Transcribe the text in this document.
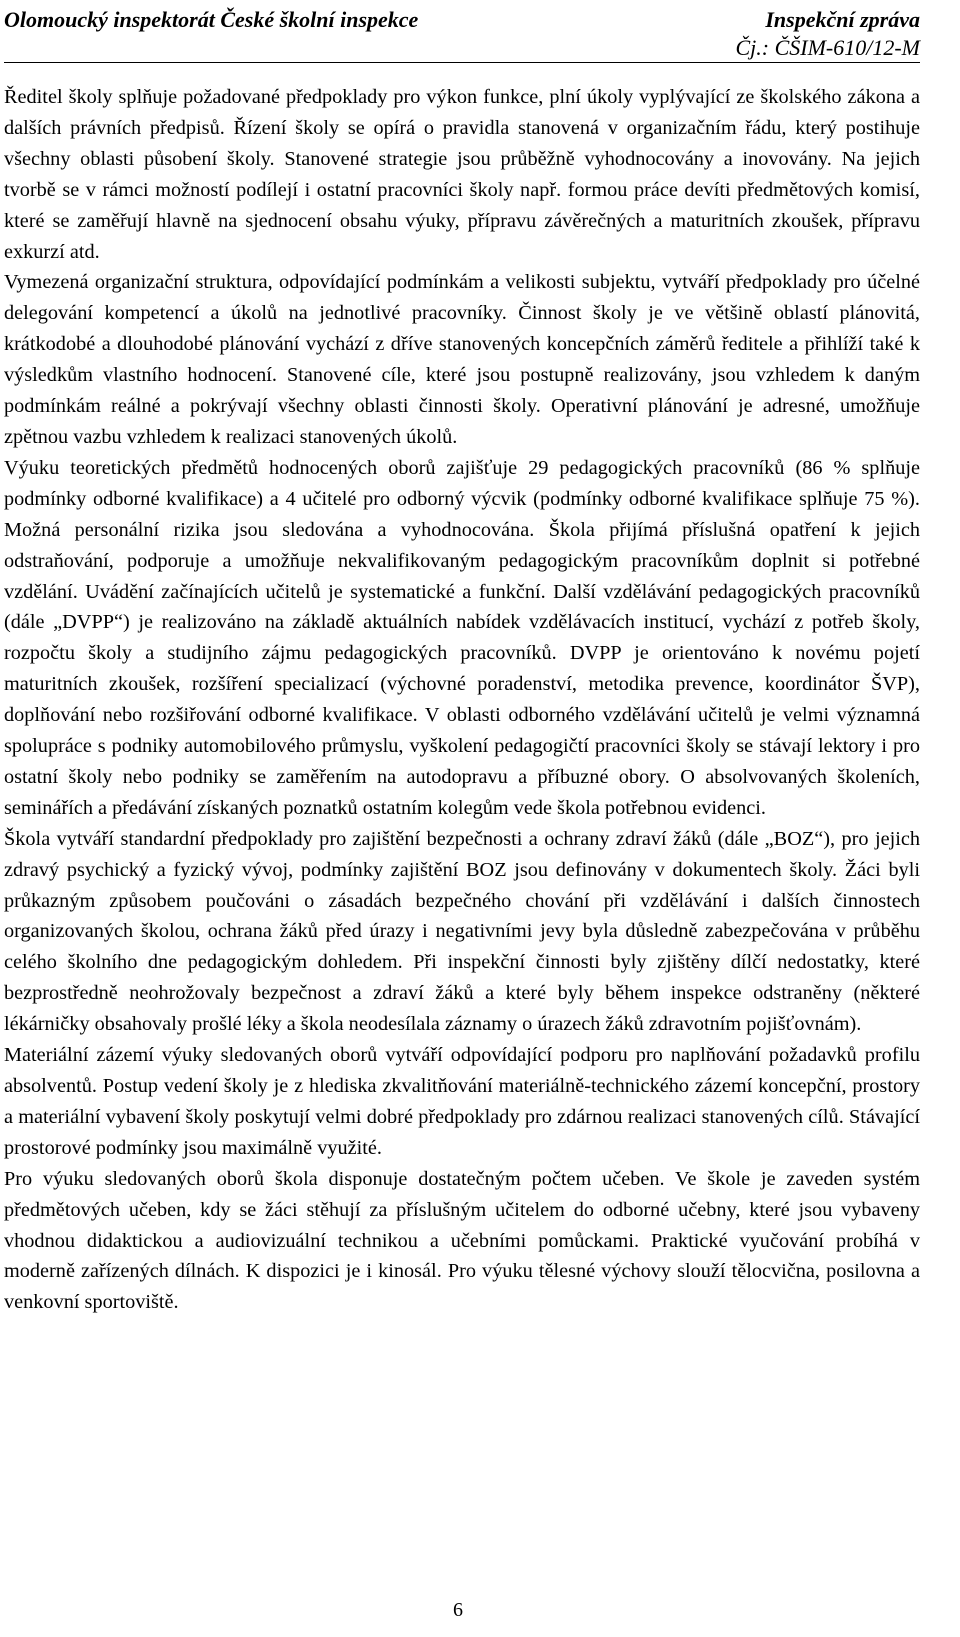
Olomoucký inspektorát České školní inspekce	Inspekční zpráva
Čj.: ČŠIM-610/12-M

Ředitel školy splňuje požadované předpoklady pro výkon funkce, plní úkoly vyplývající ze školského zákona a dalších právních předpisů. Řízení školy se opírá o pravidla stanovená v organizačním řádu, který postihuje všechny oblasti působení školy. Stanovené strategie jsou průběžně vyhodnocovány a inovovány. Na jejich tvorbě se v rámci možností podílejí i ostatní pracovníci školy např. formou práce devíti předmětových komisí, které se zaměřují hlavně na sjednocení obsahu výuky, přípravu závěrečných a maturitních zkoušek, přípravu exkurzí atd.

Vymezená organizační struktura, odpovídající podmínkám a velikosti subjektu, vytváří předpoklady pro účelné delegování kompetencí a úkolů na jednotlivé pracovníky. Činnost školy je ve většině oblastí plánovitá, krátkodobé a dlouhodobé plánování vychází z dříve stanovených koncepčních záměrů ředitele a přihlíží také k výsledkům vlastního hodnocení. Stanovené cíle, které jsou postupně realizovány, jsou vzhledem k daným podmínkám reálné a pokrývají všechny oblasti činnosti školy. Operativní plánování je adresné, umožňuje zpětnou vazbu vzhledem k realizaci stanovených úkolů.

Výuku teoretických předmětů hodnocených oborů zajišťuje 29 pedagogických pracovníků (86 % splňuje podmínky odborné kvalifikace) a 4 učitelé pro odborný výcvik (podmínky odborné kvalifikace splňuje 75 %). Možná personální rizika jsou sledována a vyhodnocována. Škola přijímá příslušná opatření k jejich odstraňování, podporuje a umožňuje nekvalifikovaným pedagogickým pracovníkům doplnit si potřebné vzdělání. Uvádění začínajících učitelů je systematické a funkční. Další vzdělávání pedagogických pracovníků (dále „DVPP“) je realizováno na základě aktuálních nabídek vzdělávacích institucí, vychází z potřeb školy, rozpočtu školy a studijního zájmu pedagogických pracovníků. DVPP je orientováno k novému pojetí maturitních zkoušek, rozšíření specializací (výchovné poradenství, metodika prevence, koordinátor ŠVP), doplňování nebo rozšiřování odborné kvalifikace. V oblasti odborného vzdělávání učitelů je velmi významná spolupráce s podniky automobilového průmyslu, vyškolení pedagogičtí pracovníci školy se stávají lektory i pro ostatní školy nebo podniky se zaměřením na autodopravu a příbuzné obory. O absolvovaných školeních, seminářích a předávání získaných poznatků ostatním kolegům vede škola potřebnou evidenci.

Škola vytváří standardní předpoklady pro zajištění bezpečnosti a ochrany zdraví žáků (dále „BOZ“), pro jejich zdravý psychický a fyzický vývoj, podmínky zajištění BOZ jsou definovány v dokumentech školy. Žáci byli průkazným způsobem poučováni o zásadách bezpečného chování při vzdělávání i dalších činnostech organizovaných školou, ochrana žáků před úrazy i negativními jevy byla důsledně zabezpečována v průběhu celého školního dne pedagogickým dohledem. Při inspekční činnosti byly zjištěny dílčí nedostatky, které bezprostředně neohrožovaly bezpečnost a zdraví žáků a které byly během inspekce odstraněny (některé lékárničky obsahovaly prošlé léky a škola neodesílala záznamy o úrazech žáků zdravotním pojišťovnám).

Materiální zázemí výuky sledovaných oborů vytváří odpovídající podporu pro naplňování požadavků profilu absolventů. Postup vedení školy je z hlediska zkvalitňování materiálně-technického zázemí koncepční, prostory a materiální vybavení školy poskytují velmi dobré předpoklady pro zdárnou realizaci stanovených cílů. Stávající prostorové podmínky jsou maximálně využité.

Pro výuku sledovaných oborů škola disponuje dostatečným počtem učeben. Ve škole je zaveden systém předmětových učeben, kdy se žáci stěhují za příslušným učitelem do odborné učebny, které jsou vybaveny vhodnou didaktickou a audiovizuální technikou a učebními pomůckami. Praktické vyučování probíhá v moderně zařízených dílnách. K dispozici je i kinosál. Pro výuku tělesné výchovy slouží tělocvična, posilovna a venkovní sportoviště.

6
